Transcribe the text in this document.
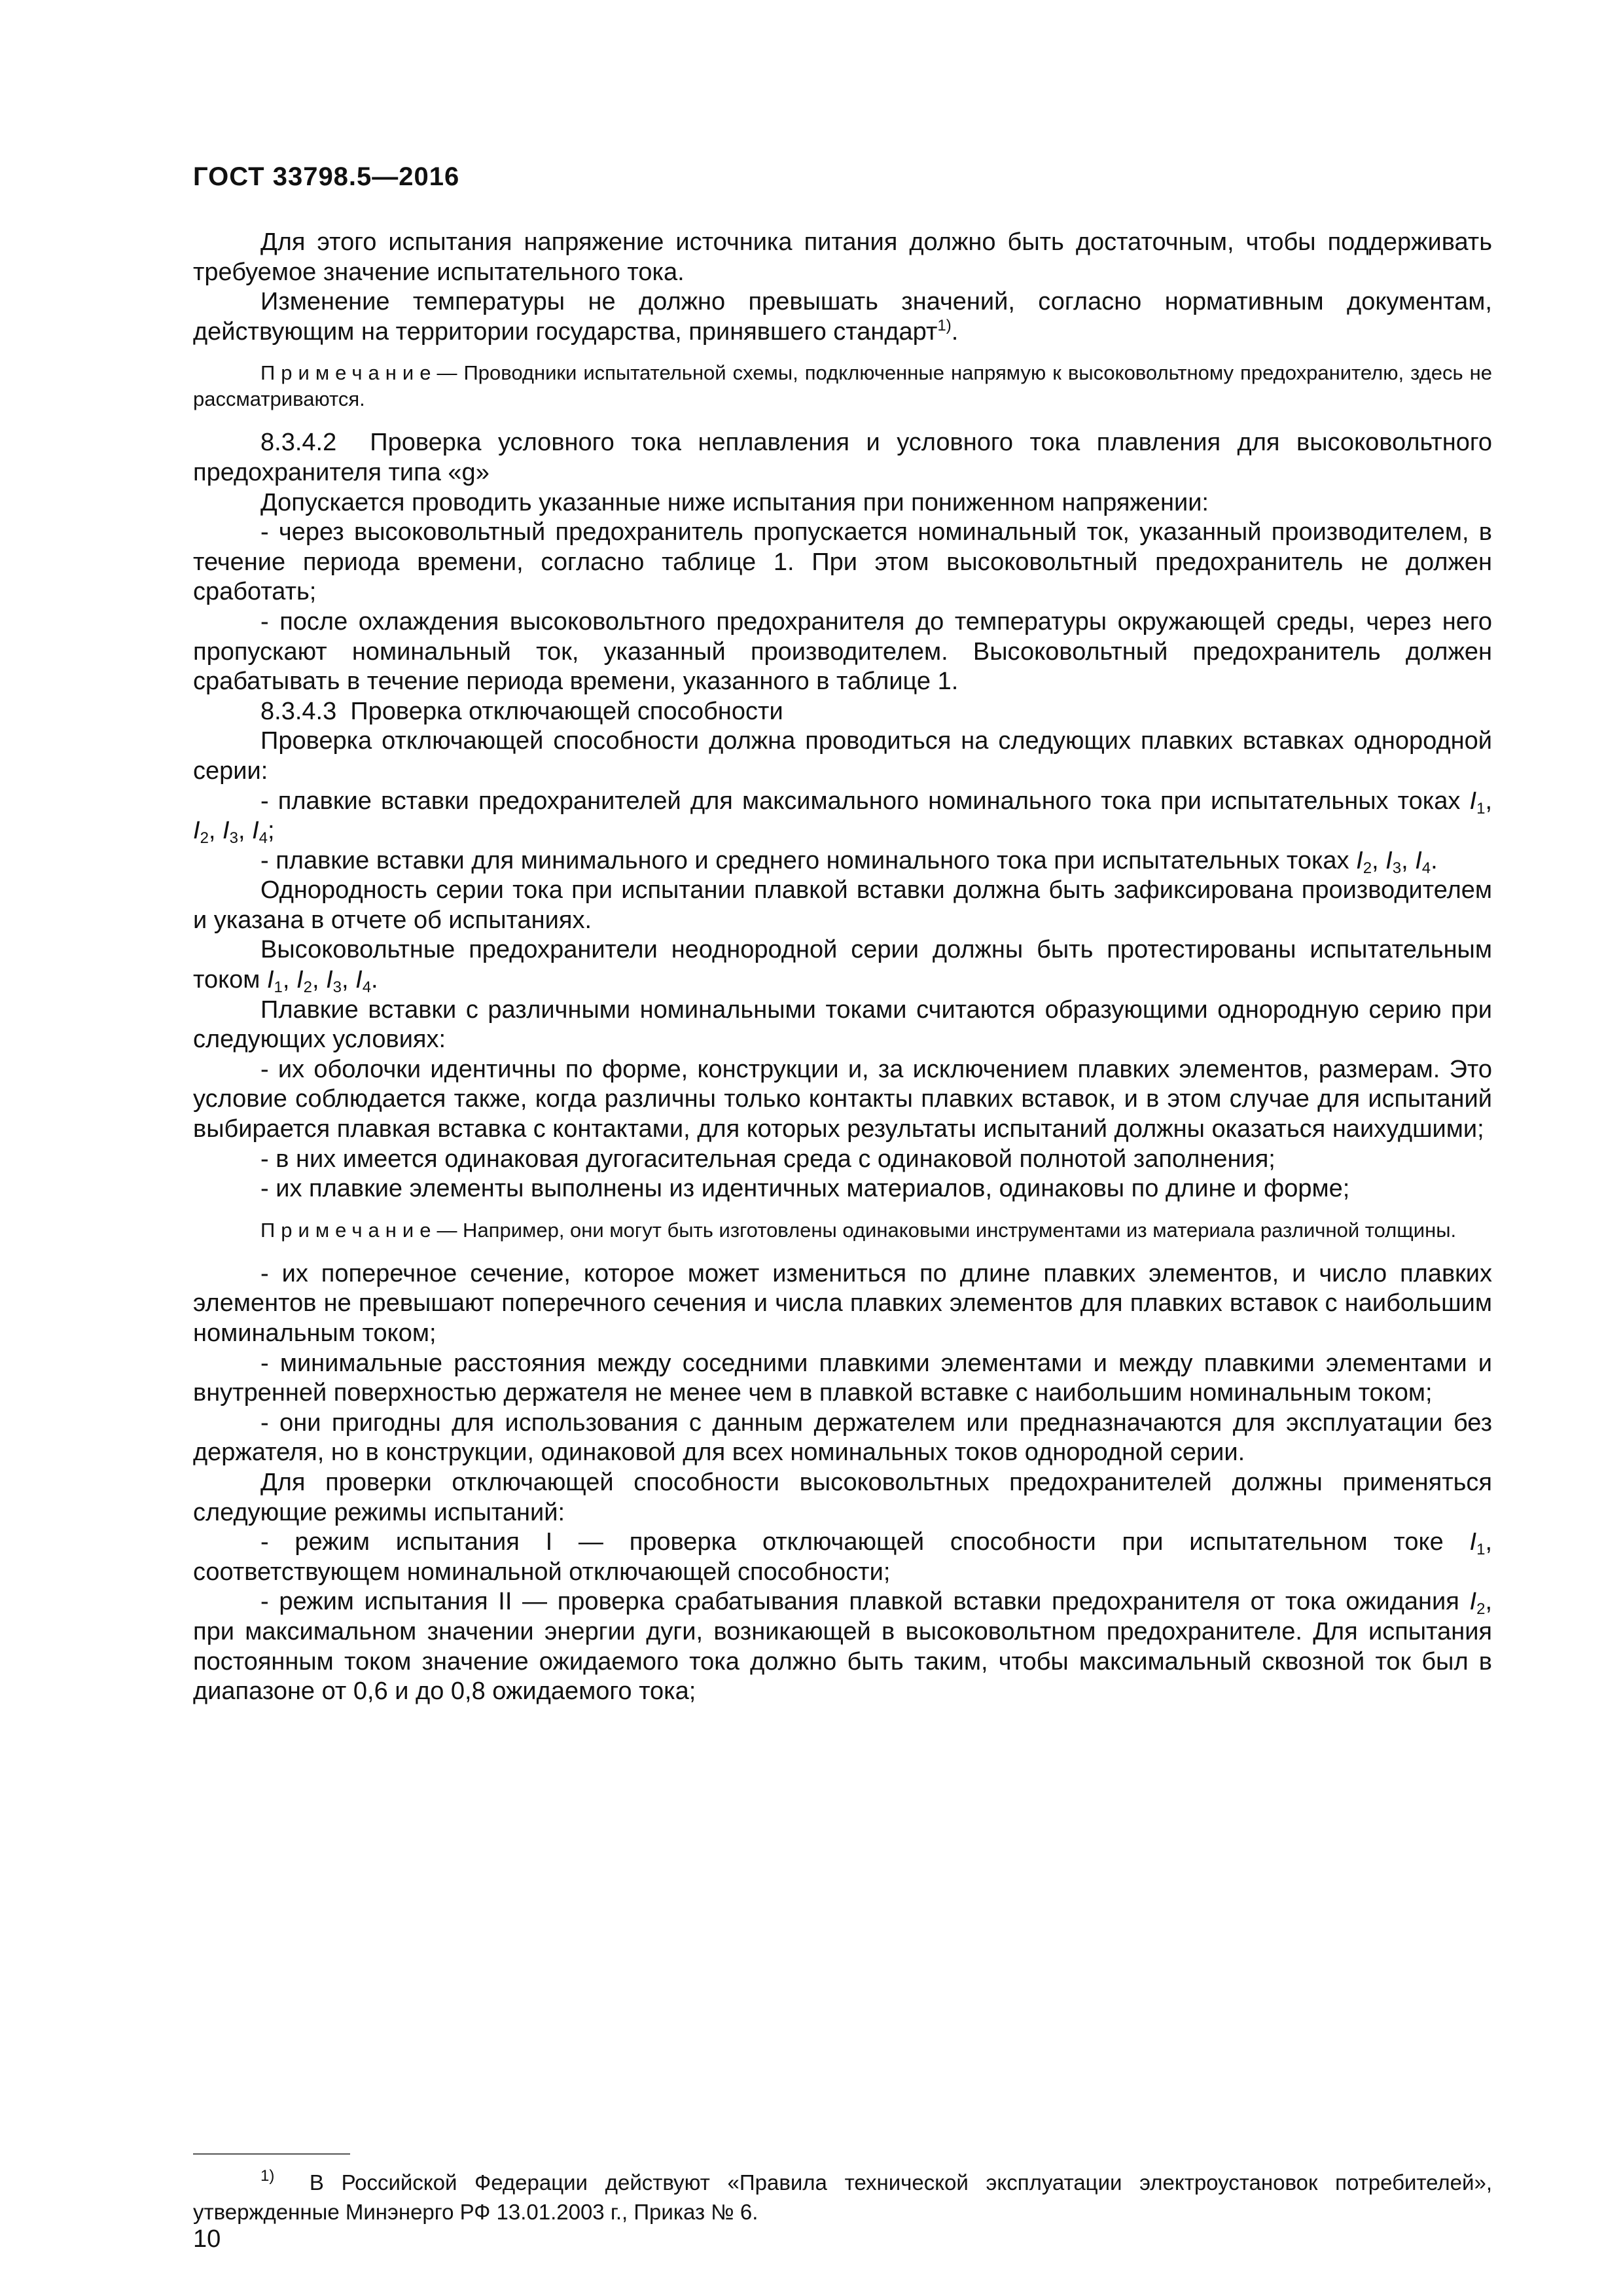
ГОСТ 33798.5—2016

Для этого испытания напряжение источника питания должно быть достаточным, чтобы поддерживать требуемое значение испытательного тока.

Изменение температуры не должно превышать значений, согласно нормативным документам, действующим на территории государства, принявшего стандарт$^{1)}$.

Примечание— Проводники испытательной схемы, подключенные напрямую к высоковольтному предохранителю, здесь не рассматриваются.

8.3.4.2 Проверка условного тока неплавления и условного тока плавления для высоковольтного предохранителя типа «g»

Допускается проводить указанные ниже испытания при пониженном напряжении:

- через высоковольтный предохранитель пропускается номинальный ток, указанный производителем, в течение периода времени, согласно таблице 1. При этом высоковольтный предохранитель не должен сработать;

- после охлаждения высоковольтного предохранителя до температуры окружающей среды, через него пропускают номинальный ток, указанный производителем. Высоковольтный предохранитель должен срабатывать в течение периода времени, указанного в таблице 1.

8.3.4.3 Проверка отключающей способности

Проверка отключающей способности должна проводиться на следующих плавких вставках однородной серии:

- плавкие вставки предохранителей для максимального номинального тока при испытательных токах $I_1$, $I_2$, $I_3$, $I_4$;

- плавкие вставки для минимального и среднего номинального тока при испытательных токах $I_2$, $I_3$, $I_4$.

Однородность серии тока при испытании плавкой вставки должна быть зафиксирована производителем и указана в отчете об испытаниях.

Высоковольтные предохранители неоднородной серии должны быть протестированы испытательным током $I_1$, $I_2$, $I_3$, $I_4$.

Плавкие вставки с различными номинальными токами считаются образующими однородную серию при следующих условиях:

- их оболочки идентичны по форме, конструкции и, за исключением плавких элементов, размерам. Это условие соблюдается также, когда различны только контакты плавких вставок, и в этом случае для испытаний выбирается плавкая вставка с контактами, для которых результаты испытаний должны оказаться наихудшими;

- в них имеется одинаковая дугогасительная среда с одинаковой полнотой заполнения;

- их плавкие элементы выполнены из идентичных материалов, одинаковы по длине и форме;

Примечание— Например, они могут быть изготовлены одинаковыми инструментами из материала различной толщины.

- их поперечное сечение, которое может измениться по длине плавких элементов, и число плавких элементов не превышают поперечного сечения и числа плавких элементов для плавких вставок с наибольшим номинальным током;

- минимальные расстояния между соседними плавкими элементами и между плавкими элементами и внутренней поверхностью держателя не менее чем в плавкой вставке с наибольшим номинальным током;

- они пригодны для использования с данным держателем или предназначаются для эксплуатации без держателя, но в конструкции, одинаковой для всех номинальных токов однородной серии.

Для проверки отключающей способности высоковольтных предохранителей должны применяться следующие режимы испытаний:

- режим испытания I — проверка отключающей способности при испытательном токе $I_1$, соответствующем номинальной отключающей способности;

- режим испытания II — проверка срабатывания плавкой вставки предохранителя от тока ожидания $I_2$, при максимальном значении энергии дуги, возникающей в высоковольтном предохранителе. Для испытания постоянным током значение ожидаемого тока должно быть таким, чтобы максимальный сквозной ток был в диапазоне от 0,6 и до 0,8 ожидаемого тока;

$^{1)}$ В Российской Федерации действуют «Правила технической эксплуатации электроустановок потребителей», утвержденные Минэнерго РФ 13.01.2003 г., Приказ № 6.
10
